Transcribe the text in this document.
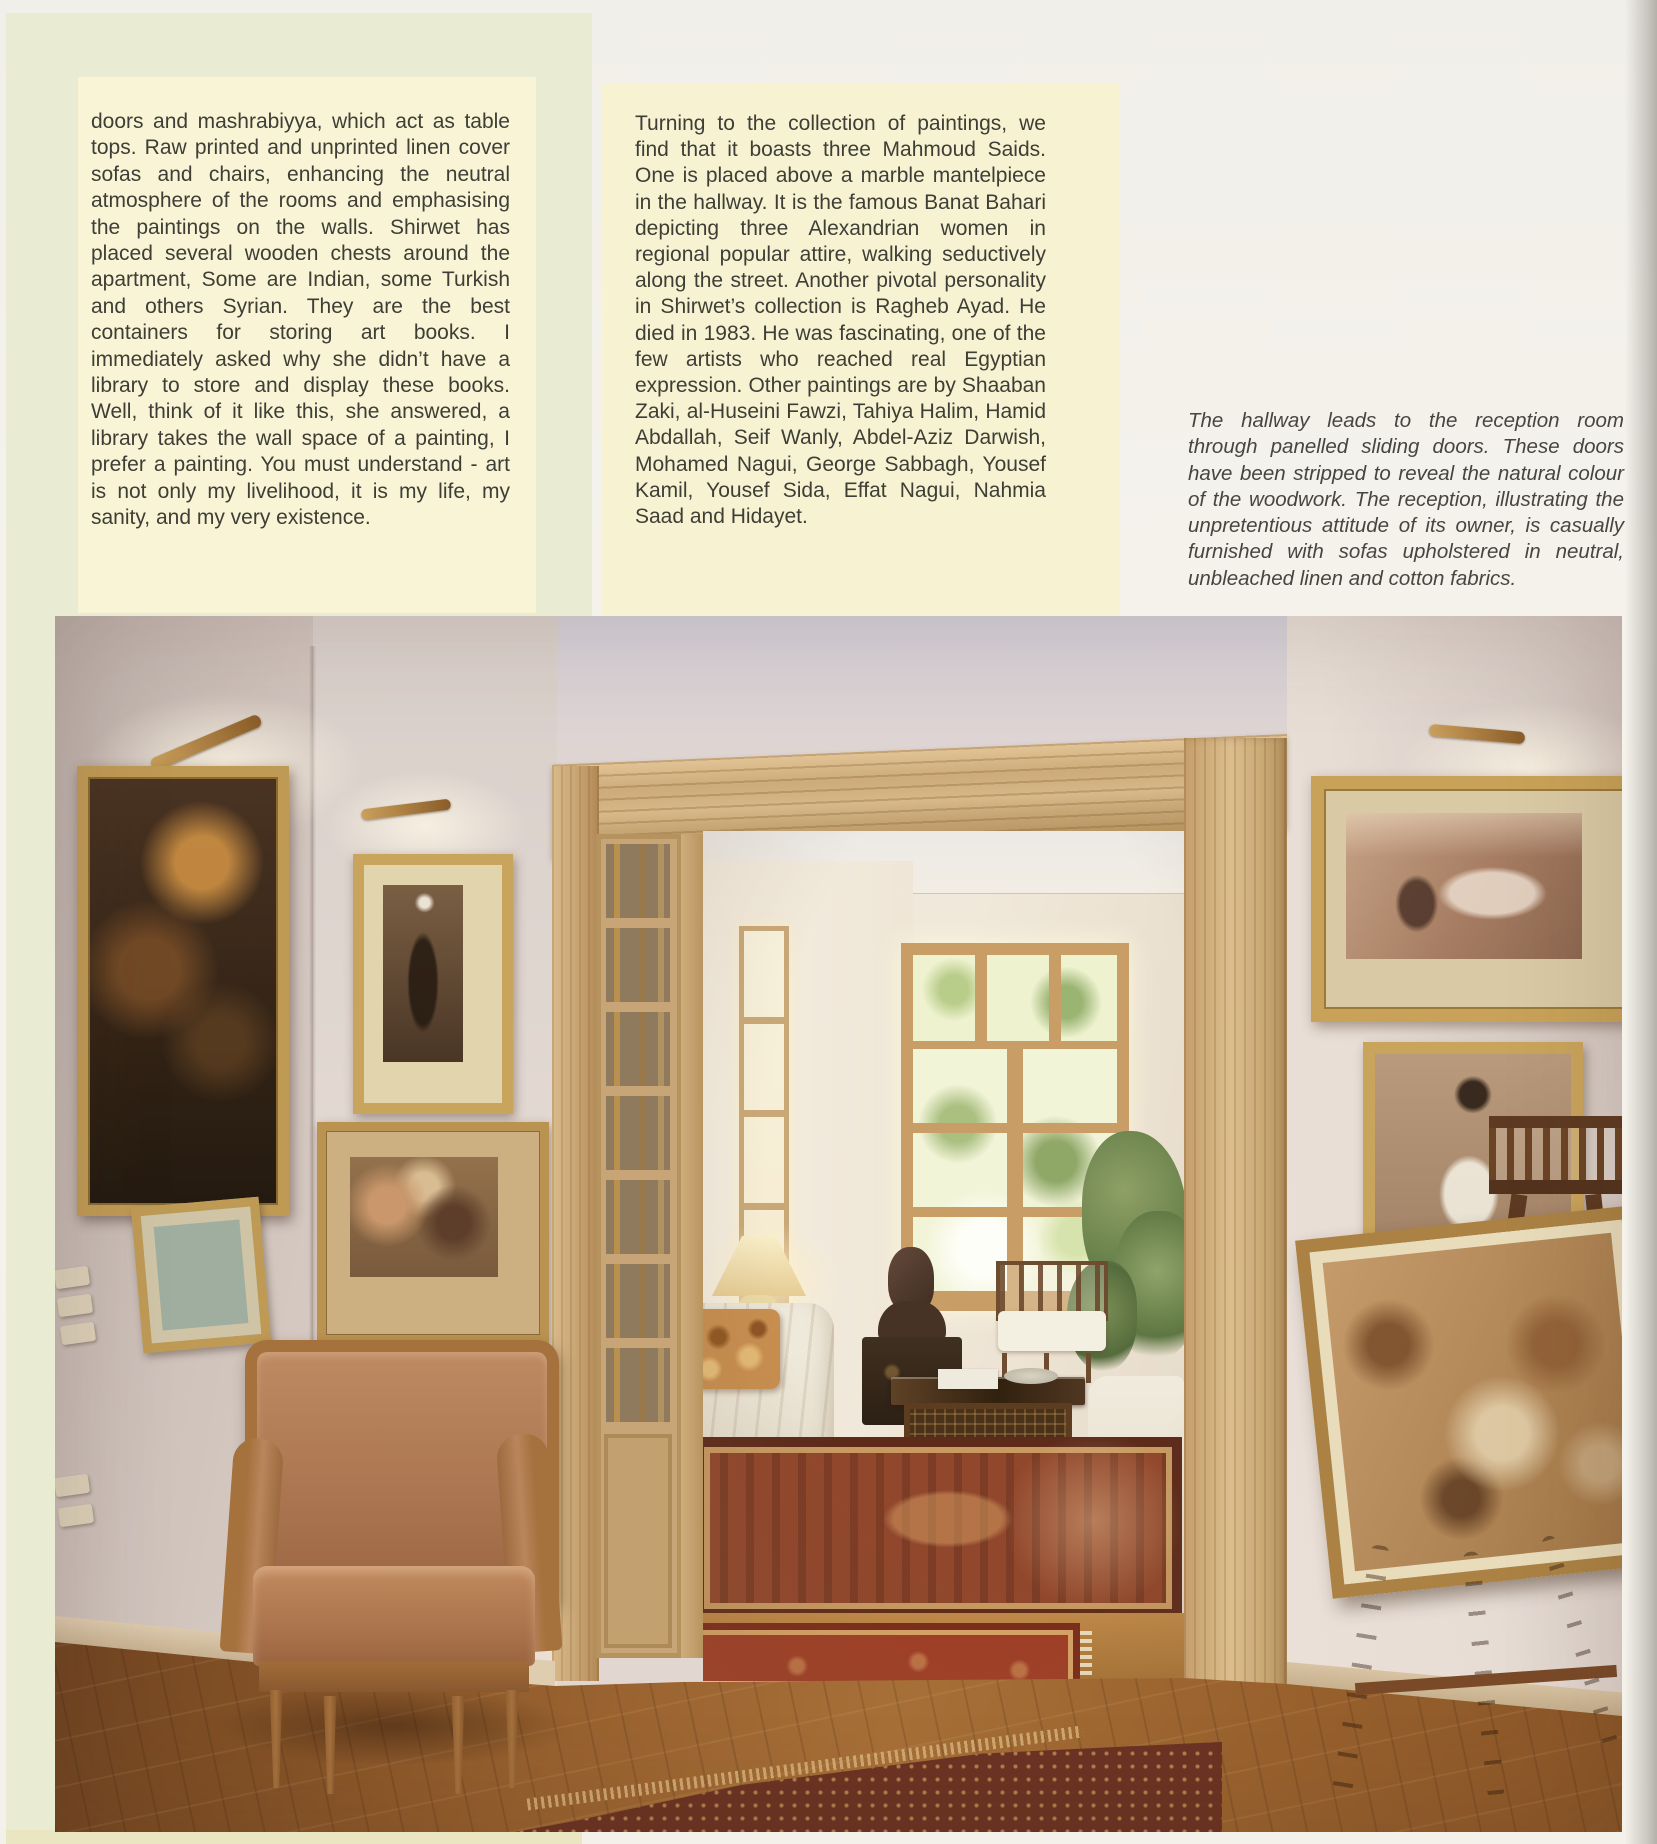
doors and mashrabiyya, which act as table tops. Raw printed and unprinted linen cover sofas and chairs, enhancing the neutral atmosphere of the rooms and emphasising the paintings on the walls. Shirwet has placed several wooden chests around the apartment, Some are Indian, some Turkish and others Syrian. They are the best containers for storing art books. I immediately asked why she didn’t have a library to store and display these books. Well, think of it like this, she answered, a library takes the wall space of a painting, I prefer a painting. You must understand - art is not only my livelihood, it is my life, my sanity, and my very existence.

Turning to the collection of paintings, we find that it boasts three Mahmoud Saids. One is placed above a marble mantelpiece in the hallway. It is the famous Banat Bahari depicting three Alexandrian women in regional popular attire, walking seductively along the street. Another pivotal personality in Shirwet’s collection is Ragheb Ayad. He died in 1983. He was fascinating, one of the few artists who reached real Egyptian expression. Other paintings are by Shaaban Zaki, al-Huseini Fawzi, Tahiya Halim, Hamid Abdallah, Seif Wanly, Abdel-Aziz Darwish, Mohamed Nagui, George Sabbagh, Yousef Kamil, Yousef Sida, Effat Nagui, Nahmia Saad and Hidayet.

The hallway leads to the reception room through panelled sliding doors. These doors have been stripped to reveal the natural colour of the woodwork. The reception, illustrating the unpretentious attitude of its owner, is casually furnished with sofas upholstered in neutral, unbleached linen and cotton fabrics.
